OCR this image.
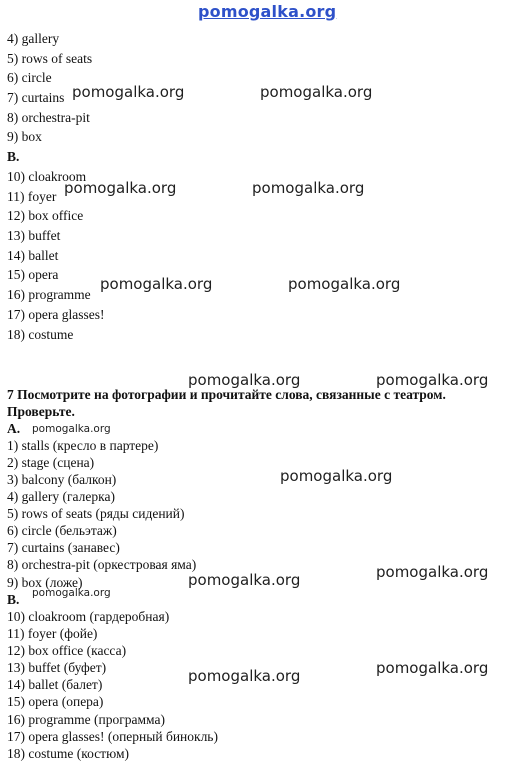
pomogalka.org
4) gallery
5) rows of seats
6) circle
7) curtains
8) orchestra-pit
9) box
B.
10) cloakroom
11) foyer
12) box office
13) buffet
14) ballet
15) opera
16) programme
17) opera glasses!
18) costume
7 Посмотрите на фотографии и прочитайте слова, связанные с театром.
Проверьте.
A.
1) stalls (кресло в партере)
2) stage (сцена)
3) balcony (балкон)
4) gallery (галерка)
5) rows of seats (ряды сидений)
6) circle (бельэтаж)
7) curtains (занавес)
8) orchestra-pit (оркестровая яма)
9) box (ложе)
B.
10) cloakroom (гардеробная)
11) foyer (фойе)
12) box office (касса)
13) buffet (буфет)
14) ballet (балет)
15) opera (опера)
16) programme (программа)
17) opera glasses! (оперный бинокль)
18) costume (костюм)
pomogalka.org	pomogalka.org
pomogalka.org	pomogalka.org
pomogalka.org	pomogalka.org
pomogalka.org	pomogalka.org
pomogalka.org
pomogalka.org
pomogalka.org	pomogalka.org
pomogalka.org
pomogalka.org
pomogalka.org
